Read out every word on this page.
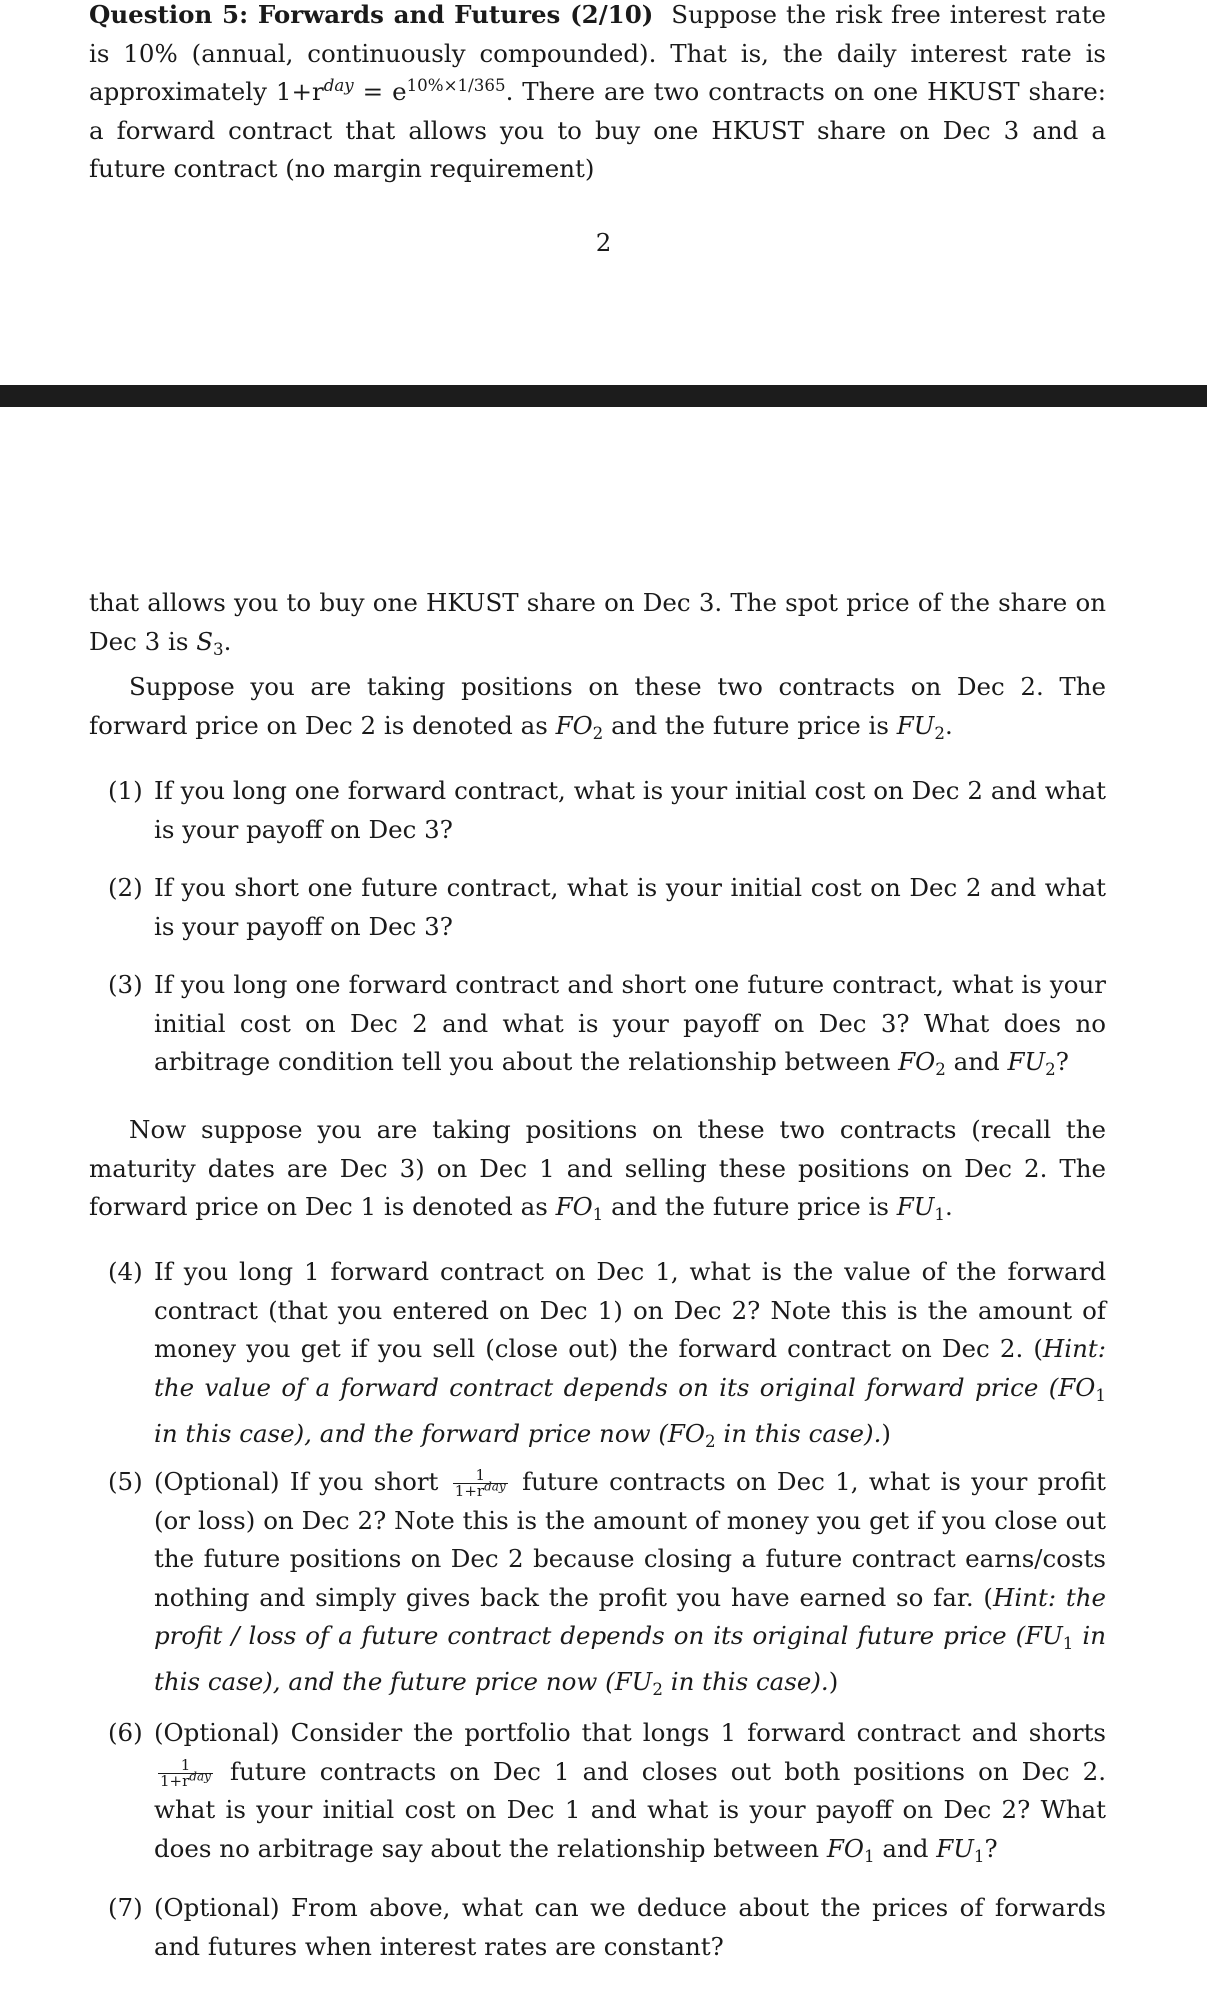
Question 5: Forwards and Futures (2/10) Suppose the risk free interest rate is 10% (annual, continuously compounded). That is, the daily interest rate is approximately $1+r^{day} = e^{10\%\times 1/365}$. There are two contracts on one HKUST share: a forward contract that allows you to buy one HKUST share on Dec 3 and a future contract (no margin requirement)
2
that allows you to buy one HKUST share on Dec 3. The spot price of the share on Dec 3 is $S_3$.
Suppose you are taking positions on these two contracts on Dec 2. The forward price on Dec 2 is denoted as $FO_2$ and the future price is $FU_2$.
(1) If you long one forward contract, what is your initial cost on Dec 2 and what is your payoff on Dec 3?
(2) If you short one future contract, what is your initial cost on Dec 2 and what is your payoff on Dec 3?
(3) If you long one forward contract and short one future contract, what is your initial cost on Dec 2 and what is your payoff on Dec 3? What does no arbitrage condition tell you about the relationship between $FO_2$ and $FU_2$?
Now suppose you are taking positions on these two contracts (recall the maturity dates are Dec 3) on Dec 1 and selling these positions on Dec 2. The forward price on Dec 1 is denoted as $FO_1$ and the future price is $FU_1$.
(4) If you long 1 forward contract on Dec 1, what is the value of the forward contract (that you entered on Dec 1) on Dec 2? Note this is the amount of money you get if you sell (close out) the forward contract on Dec 2. (Hint: the value of a forward contract depends on its original forward price ($FO_1$ in this case), and the forward price now ($FO_2$ in this case).)
(5) (Optional) If you short $\frac{1}{1+r^{day}}$ future contracts on Dec 1, what is your profit (or loss) on Dec 2? Note this is the amount of money you get if you close out the future positions on Dec 2 because closing a future contract earns/costs nothing and simply gives back the profit you have earned so far. (Hint: the profit / loss of a future contract depends on its original future price ($FU_1$ in this case), and the future price now ($FU_2$ in this case).)
(6) (Optional) Consider the portfolio that longs 1 forward contract and shorts
$\frac{1}{1+r^{day}}$ future contracts on Dec 1 and closes out both positions on Dec 2. what is your initial cost on Dec 1 and what is your payoff on Dec 2? What does no arbitrage say about the relationship between $FO_1$ and $FU_1$?
(7) (Optional) From above, what can we deduce about the prices of forwards and futures when interest rates are constant?
